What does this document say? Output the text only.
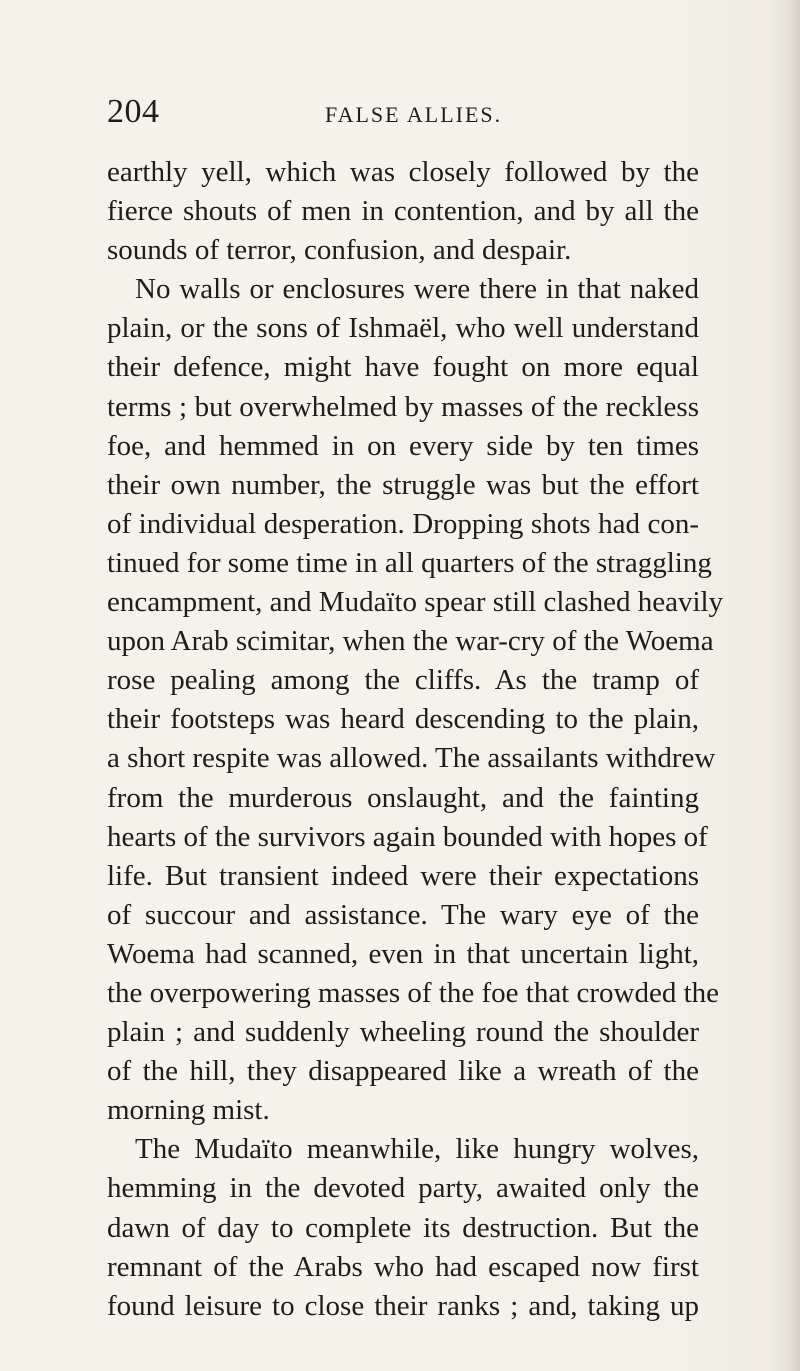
204	FALSE ALLIES.
earthly yell, which was closely followed by the
fierce shouts of men in contention, and by all the
sounds of terror, confusion, and despair.
No walls or enclosures were there in that naked
plain, or the sons of Ishmaël, who well understand
their defence, might have fought on more equal
terms ; but overwhelmed by masses of the reckless
foe, and hemmed in on every side by ten times
their own number, the struggle was but the effort
of individual desperation. Dropping shots had con-
tinued for some time in all quarters of the straggling
encampment, and Mudaïto spear still clashed heavily
upon Arab scimitar, when the war-cry of the Woema
rose pealing among the cliffs. As the tramp of
their footsteps was heard descending to the plain,
a short respite was allowed. The assailants withdrew
from the murderous onslaught, and the fainting
hearts of the survivors again bounded with hopes of
life. But transient indeed were their expectations
of succour and assistance. The wary eye of the
Woema had scanned, even in that uncertain light,
the overpowering masses of the foe that crowded the
plain ; and suddenly wheeling round the shoulder
of the hill, they disappeared like a wreath of the
morning mist.
The Mudaïto meanwhile, like hungry wolves,
hemming in the devoted party, awaited only the
dawn of day to complete its destruction. But the
remnant of the Arabs who had escaped now first
found leisure to close their ranks ; and, taking up
